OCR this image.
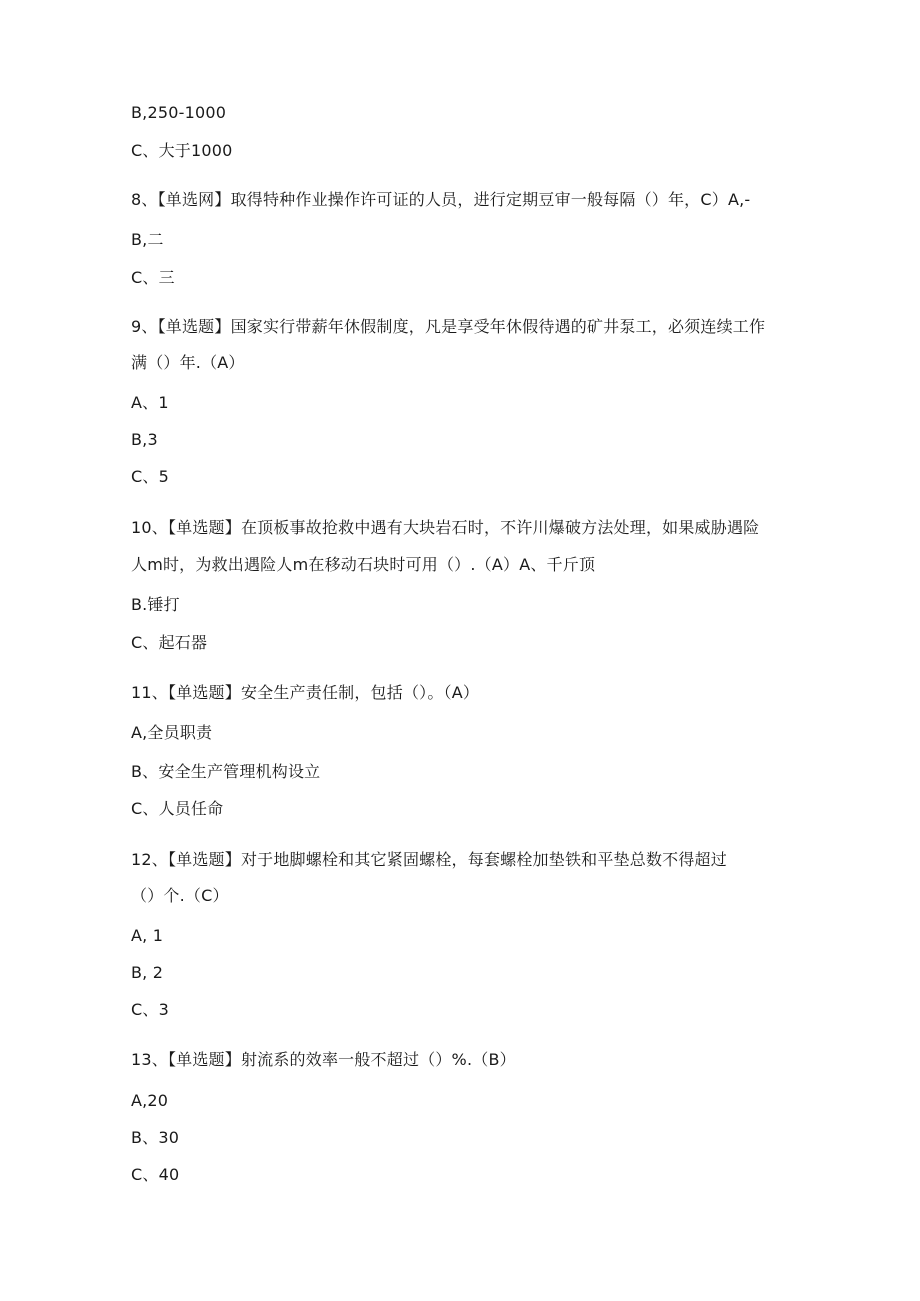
B,250-1000
C、大于1000
8、【单选网】取得特种作业操作许可证的人员，进行定期豆审一般每隔（）年，C）A,-
B,二
C、三
9、【单选题】国家实行带薪年休假制度，凡是享受年休假待遇的矿井泵工，必须连续工作
满（）年.（A）
A、1
B,3
C、5
10、【单选题】在顶板事故抢救中遇有大块岩石时，不许川爆破方法处理，如果威胁遇险
人m时，为救出遇险人m在移动石块时可用（）.（A）A、千斤顶
B.锤打
C、起石器
11、【单选题】安全生产责任制，包括（）。（A）
A,全员职责
B、安全生产管理机构设立
C、人员任命
12、【单选题】对于地脚螺栓和其它紧固螺栓，每套螺栓加垫铁和平垫总数不得超过
（）个.（C）
A, 1
B, 2
C、3
13、【单选题】射流系的效率一般不超过（）%.（B）
A,20
B、30
C、40
